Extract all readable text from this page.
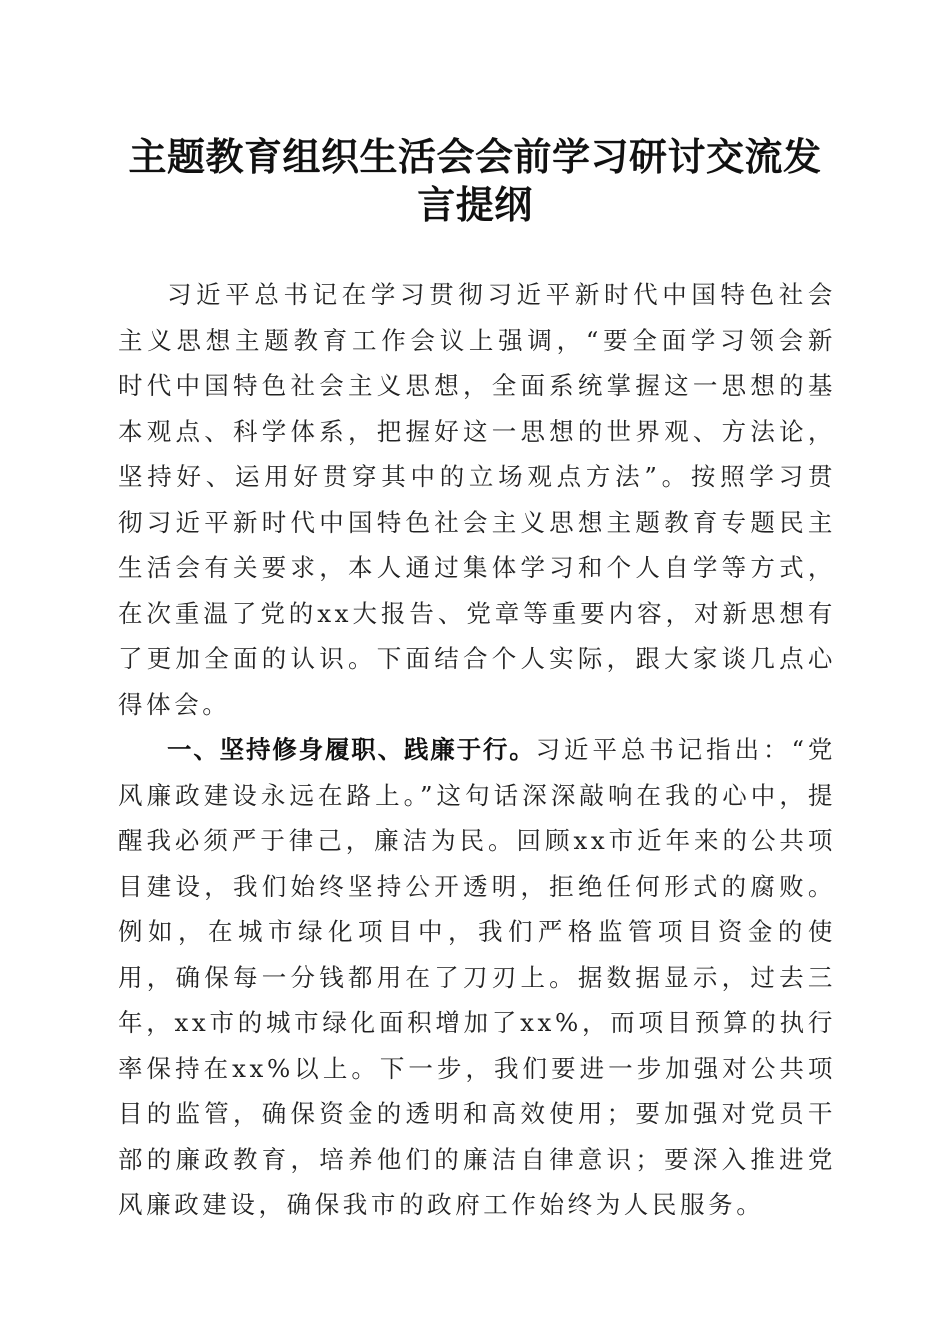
主题教育组织生活会会前学习研讨交流发言提纲

习近平总书记在学习贯彻习近平新时代中国特色社会主义思想主题教育工作会议上强调，“要全面学习领会新时代中国特色社会主义思想，全面系统掌握这一思想的基本观点、科学体系，把握好这一思想的世界观、方法论，坚持好、运用好贯穿其中的立场观点方法”。按照学习贯彻习近平新时代中国特色社会主义思想主题教育专题民主生活会有关要求，本人通过集体学习和个人自学等方式，在次重温了党的xx大报告、党章等重要内容，对新思想有了更加全面的认识。下面结合个人实际，跟大家谈几点心得体会。

一、坚持修身履职、践廉于行。习近平总书记指出：“党风廉政建设永远在路上。”这句话深深敲响在我的心中，提醒我必须严于律己，廉洁为民。回顾xx市近年来的公共项目建设，我们始终坚持公开透明，拒绝任何形式的腐败。例如，在城市绿化项目中，我们严格监管项目资金的使用，确保每一分钱都用在了刀刃上。据数据显示，过去三年，xx市的城市绿化面积增加了xx%，而项目预算的执行率保持在xx%以上。下一步，我们要进一步加强对公共项目的监管，确保资金的透明和高效使用；要加强对党员干部的廉政教育，培养他们的廉洁自律意识；要深入推进党风廉政建设，确保我市的政府工作始终为人民服务。
